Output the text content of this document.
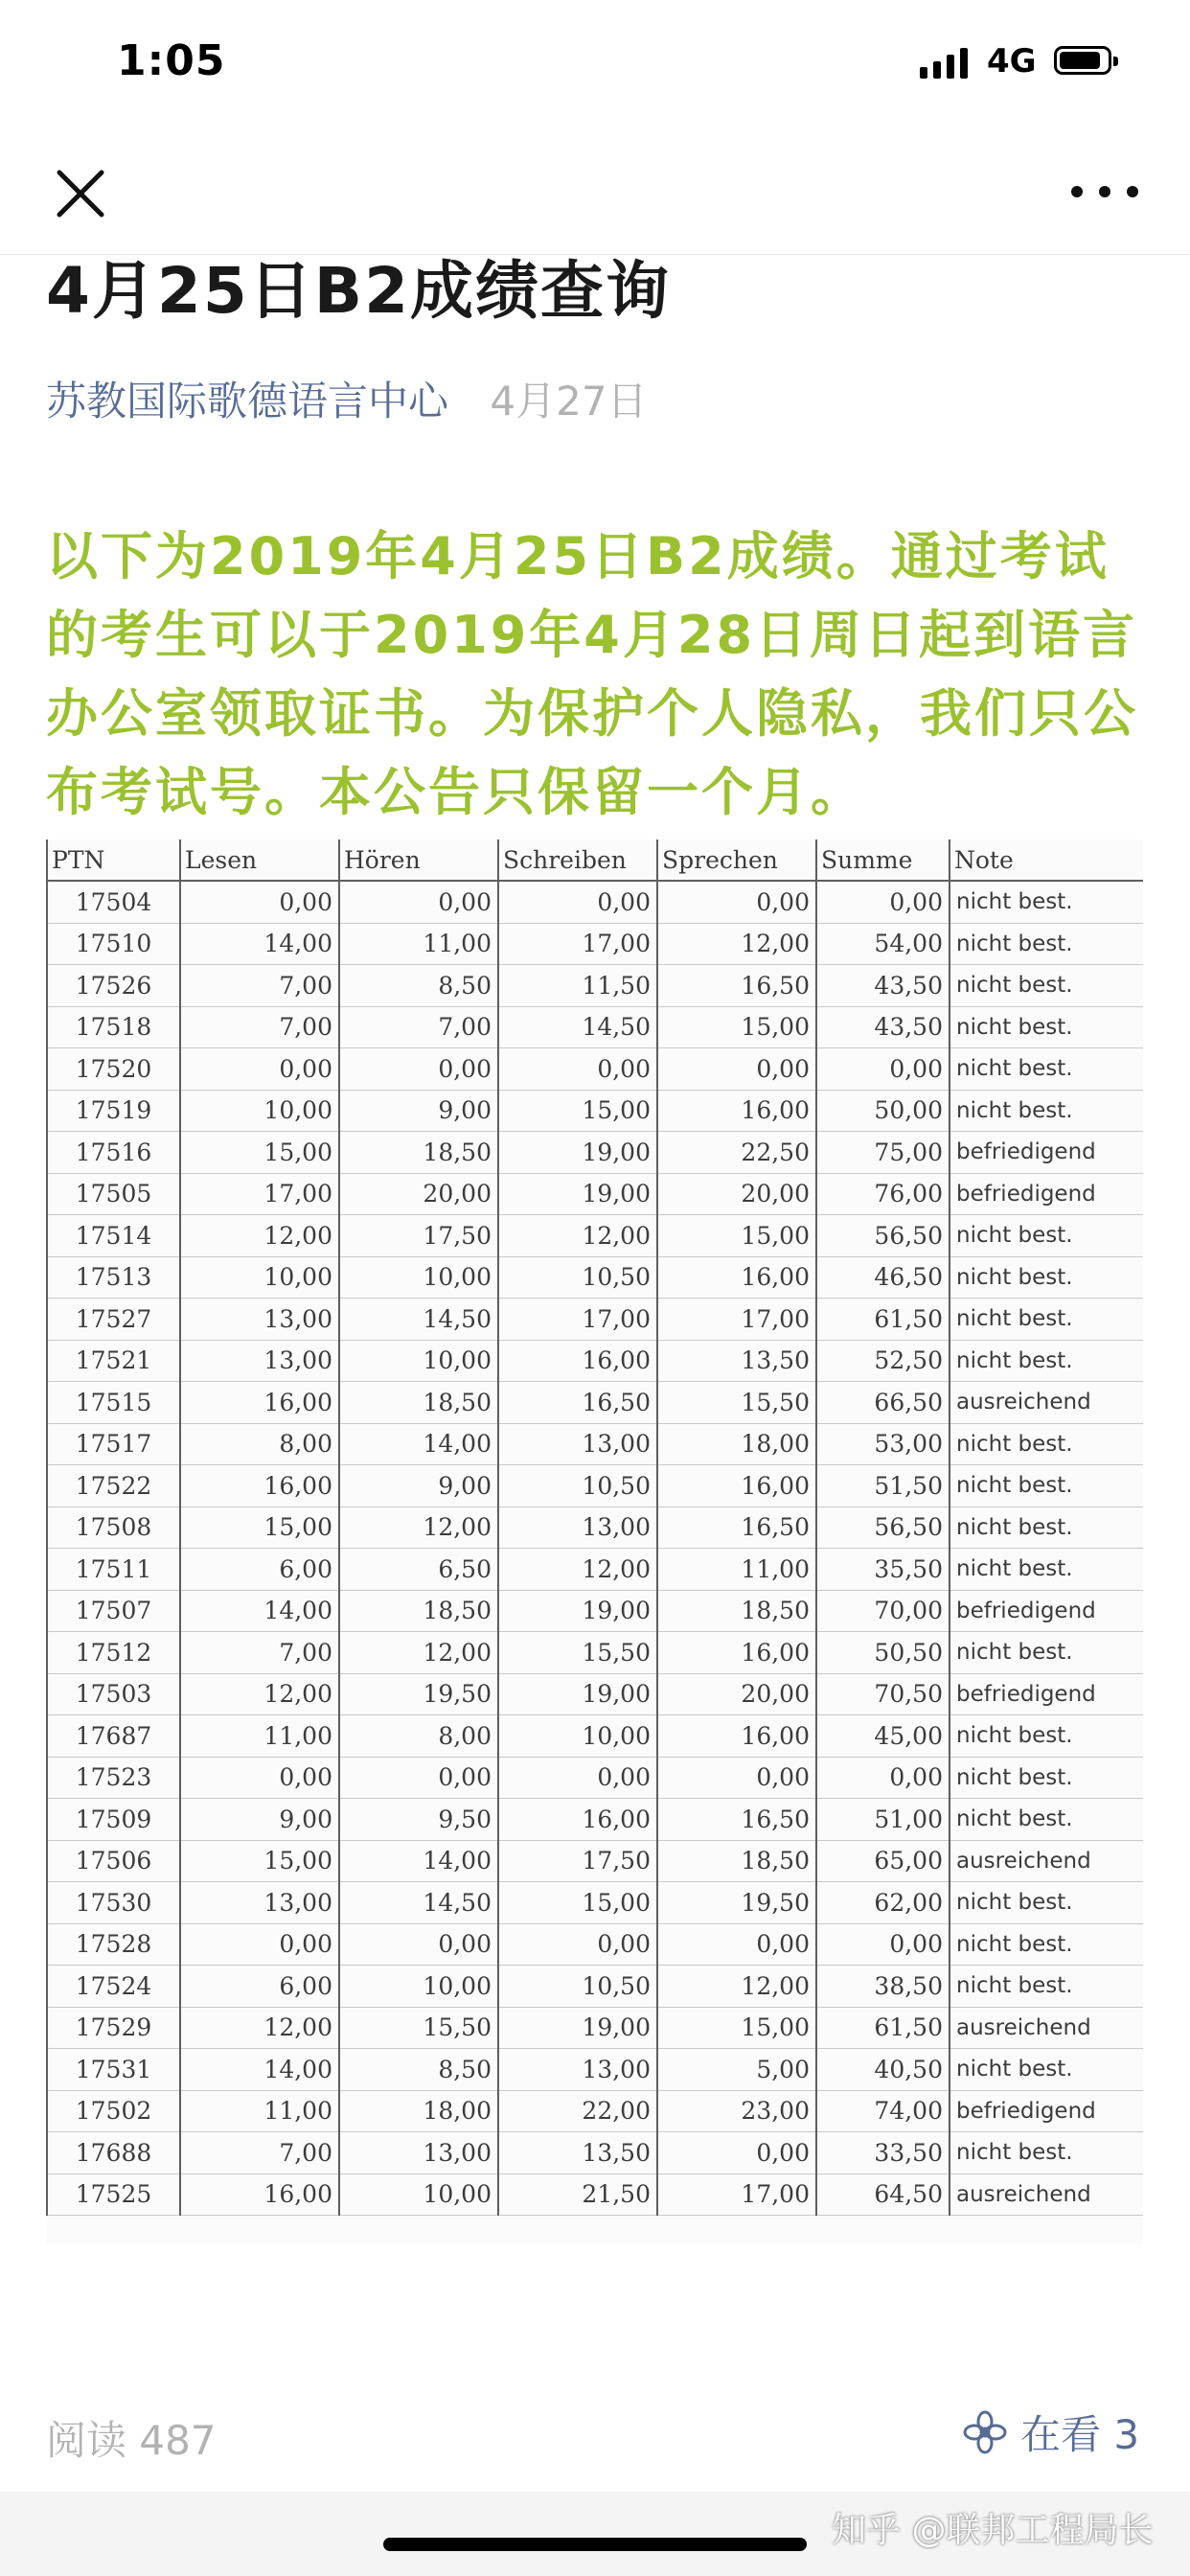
1:05	4G
4月25日B2成绩查询
苏教国际歌德语言中心 4月27日
以下为2019年4月25日B2成绩。通过考试的考生可以于2019年4月28日周日起到语言办公室领取证书。为保护个人隐私，我们只公布考试号。本公告只保留一个月。
PTN	Lesen	Hören	Schreiben	Sprechen	Summe	Note
17504	0,00	0,00	0,00	0,00	0,00	nicht best.
17510	14,00	11,00	17,00	12,00	54,00	nicht best.
17526	7,00	8,50	11,50	16,50	43,50	nicht best.
17518	7,00	7,00	14,50	15,00	43,50	nicht best.
17520	0,00	0,00	0,00	0,00	0,00	nicht best.
17519	10,00	9,00	15,00	16,00	50,00	nicht best.
17516	15,00	18,50	19,00	22,50	75,00	befriedigend
17505	17,00	20,00	19,00	20,00	76,00	befriedigend
17514	12,00	17,50	12,00	15,00	56,50	nicht best.
17513	10,00	10,00	10,50	16,00	46,50	nicht best.
17527	13,00	14,50	17,00	17,00	61,50	nicht best.
17521	13,00	10,00	16,00	13,50	52,50	nicht best.
17515	16,00	18,50	16,50	15,50	66,50	ausreichend
17517	8,00	14,00	13,00	18,00	53,00	nicht best.
17522	16,00	9,00	10,50	16,00	51,50	nicht best.
17508	15,00	12,00	13,00	16,50	56,50	nicht best.
17511	6,00	6,50	12,00	11,00	35,50	nicht best.
17507	14,00	18,50	19,00	18,50	70,00	befriedigend
17512	7,00	12,00	15,50	16,00	50,50	nicht best.
17503	12,00	19,50	19,00	20,00	70,50	befriedigend
17687	11,00	8,00	10,00	16,00	45,00	nicht best.
17523	0,00	0,00	0,00	0,00	0,00	nicht best.
17509	9,00	9,50	16,00	16,50	51,00	nicht best.
17506	15,00	14,00	17,50	18,50	65,00	ausreichend
17530	13,00	14,50	15,00	19,50	62,00	nicht best.
17528	0,00	0,00	0,00	0,00	0,00	nicht best.
17524	6,00	10,00	10,50	12,00	38,50	nicht best.
17529	12,00	15,50	19,00	15,00	61,50	ausreichend
17531	14,00	8,50	13,00	5,00	40,50	nicht best.
17502	11,00	18,00	22,00	23,00	74,00	befriedigend
17688	7,00	13,00	13,50	0,00	33,50	nicht best.
17525	16,00	10,00	21,50	17,00	64,50	ausreichend
阅读 487	在看 3
知乎 @联邦工程局长
